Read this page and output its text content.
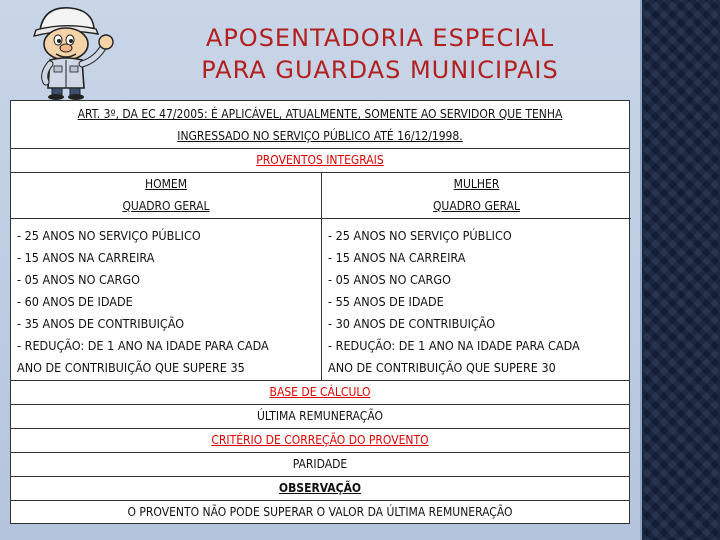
APOSENTADORIA ESPECIAL
PARA GUARDAS MUNICIPAIS
ART. 3º, DA EC 47/2005: É APLICÁVEL, ATUALMENTE, SOMENTE AO SERVIDOR QUE TENHA
INGRESSADO NO SERVIÇO PÚBLICO ATÉ 16/12/1998.
PROVENTOS INTEGRAIS
HOMEM
QUADRO GERAL
- 25 ANOS NO SERVIÇO PÚBLICO
- 15 ANOS NA CARREIRA
- 05 ANOS NO CARGO
- 60 ANOS DE IDADE
- 35 ANOS DE CONTRIBUIÇÃO
- REDUÇÃO: DE 1 ANO NA IDADE PARA CADA
ANO DE CONTRIBUIÇÃO QUE SUPERE 35
MULHER
QUADRO GERAL
- 25 ANOS NO SERVIÇO PÚBLICO
- 15 ANOS NA CARREIRA
- 05 ANOS NO CARGO
- 55 ANOS DE IDADE
- 30 ANOS DE CONTRIBUIÇÃO
- REDUÇÃO: DE 1 ANO NA IDADE PARA CADA
ANO DE CONTRIBUIÇÃO QUE SUPERE 30
BASE DE CÁLCULO
ÚLTIMA REMUNERAÇÃO
CRITÉRIO DE CORREÇÃO DO PROVENTO
PARIDADE
OBSERVAÇÃO
O PROVENTO NÃO PODE SUPERAR O VALOR DA ÚLTIMA REMUNERAÇÃO
